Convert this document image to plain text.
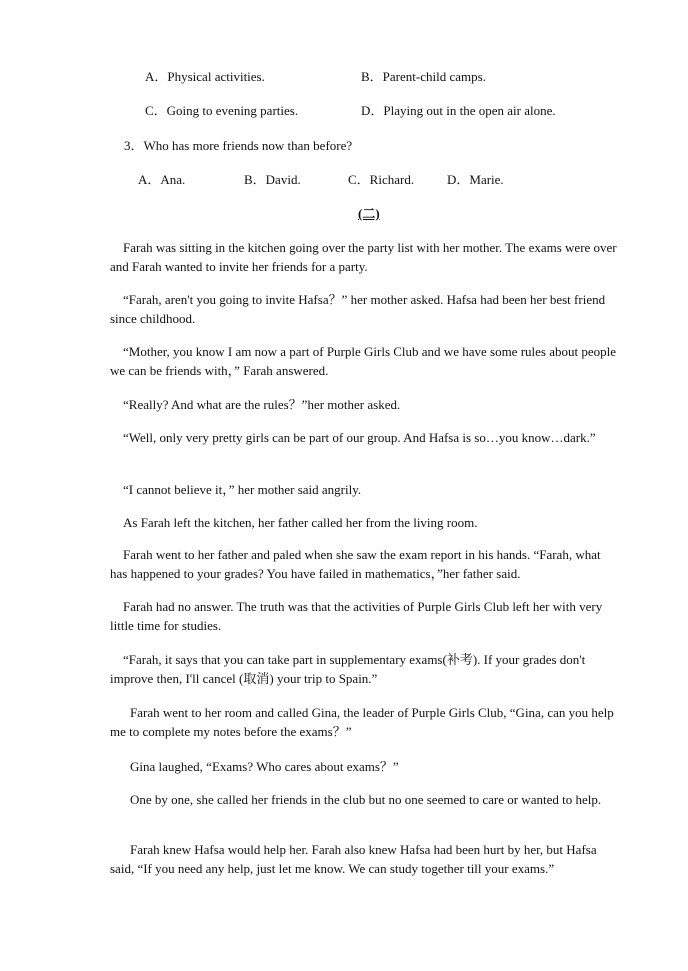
A．Physical activities.	B．Parent-child camps.
C．Going to evening parties.	D．Playing out in the open air alone.
3．Who has more friends now than before?
A．Ana.	B．David.	C．Richard.	D．Marie.
(二)
Farah was sitting in the kitchen going over the party list with her mother. The exams were over and Farah wanted to invite her friends for a party.
“Farah, aren't you going to invite Hafsa？” her mother asked. Hafsa had been her best friend since childhood.
“Mother, you know I am now a part of Purple Girls Club and we have some rules about people we can be friends with，” Farah answered.
“Really? And what are the rules？”her mother asked.
“Well, only very pretty girls can be part of our group. And Hafsa is so…you know…dark.”
“I cannot believe it，” her mother said angrily.
As Farah left the kitchen, her father called her from the living room.
Farah went to her father and paled when she saw the exam report in his hands. “Farah, what has happened to your grades? You have failed in mathematics，”her father said.
Farah had no answer. The truth was that the activities of Purple Girls Club left her with very little time for studies.
“Farah, it says that you can take part in supplementary exams(补考). If your grades don't improve then, I'll cancel (取消) your trip to Spain.”
Farah went to her room and called Gina, the leader of Purple Girls Club, “Gina, can you help me to complete my notes before the exams？”
Gina laughed, “Exams? Who cares about exams？”
One by one, she called her friends in the club but no one seemed to care or wanted to help.
Farah knew Hafsa would help her. Farah also knew Hafsa had been hurt by her, but Hafsa said, “If you need any help, just let me know. We can study together till your exams.”
